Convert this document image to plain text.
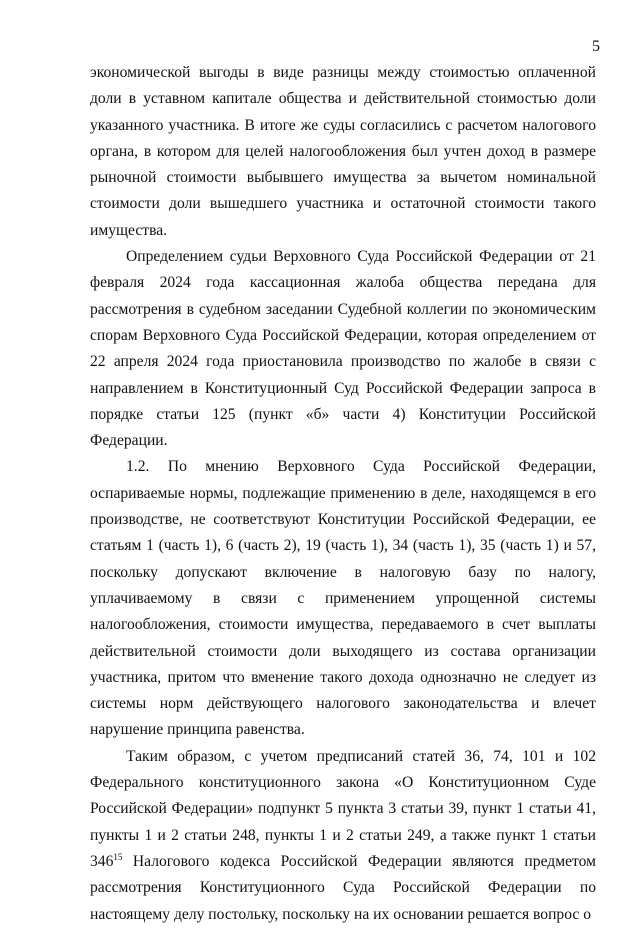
5

экономической выгоды в виде разницы между стоимостью оплаченной доли в уставном капитале общества и действительной стоимостью доли указанного участника. В итоге же суды согласились с расчетом налогового органа, в котором для целей налогообложения был учтен доход в размере рыночной стоимости выбывшего имущества за вычетом номинальной стоимости доли вышедшего участника и остаточной стоимости такого имущества.

Определением судьи Верховного Суда Российской Федерации от 21 февраля 2024 года кассационная жалоба общества передана для рассмотрения в судебном заседании Судебной коллегии по экономическим спорам Верховного Суда Российской Федерации, которая определением от 22 апреля 2024 года приостановила производство по жалобе в связи с направлением в Конституционный Суд Российской Федерации запроса в порядке статьи 125 (пункт «б» части 4) Конституции Российской Федерации.

1.2. По мнению Верховного Суда Российской Федерации, оспариваемые нормы, подлежащие применению в деле, находящемся в его производстве, не соответствуют Конституции Российской Федерации, ее статьям 1 (часть 1), 6 (часть 2), 19 (часть 1), 34 (часть 1), 35 (часть 1) и 57, поскольку допускают включение в налоговую базу по налогу, уплачиваемому в связи с применением упрощенной системы налогообложения, стоимости имущества, передаваемого в счет выплаты действительной стоимости доли выходящего из состава организации участника, притом что вменение такого дохода однозначно не следует из системы норм действующего налогового законодательства и влечет нарушение принципа равенства.

Таким образом, с учетом предписаний статей 36, 74, 101 и 102 Федерального конституционного закона «О Конституционном Суде Российской Федерации» подпункт 5 пункта 3 статьи 39, пункт 1 статьи 41, пункты 1 и 2 статьи 248, пункты 1 и 2 статьи 249, а также пункт 1 статьи $346^{15}$ Налогового кодекса Российской Федерации являются предметом рассмотрения Конституционного Суда Российской Федерации по настоящему делу постольку, поскольку на их основании решается вопрос о
